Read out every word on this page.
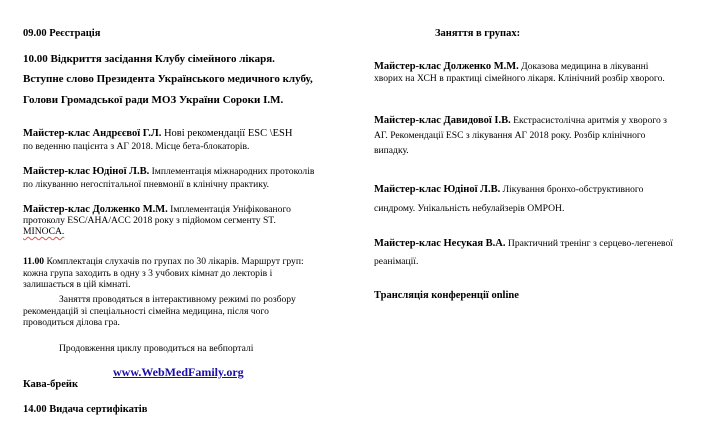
09.00 Реєстрація
10.00 Відкриття засідання Клубу сімейного лікаря.
Вступне слово Президента Українського медичного клубу,
Голови Громадської ради МОЗ України Сороки І.М.
Майстер-клас Андрєєвої Г.Л. Нові рекомендації ESC \ESH
по веденню пацієнта з АГ 2018. Місце бета-блокаторів.
Майстер-клас Юдіної Л.В. Імплементація міжнародних протоколів
по лікуванню негоспітальної пневмонії в клінічну практику.
Майстер-клас Долженко М.М. Імплементація Уніфікованого
протоколу ESC/AHA/ACC 2018 року з підйомом сегменту ST.
MINOCA.
11.00 Комплектація слухачів по групах по 30 лікарів. Маршрут груп:
кожна група заходить в одну з 3 учбових кімнат до лекторів і
залишається в цій кімнаті.
Заняття проводяться в інтерактивному режимі по розбору
рекомендацій зі спеціальності сімейна медицина, після чого
проводиться ділова гра.
Продовження циклу проводиться на вебпорталі
www.WebMedFamily.org
Кава-брейк
14.00 Видача сертифікатів
Заняття в групах:
Майстер-клас Долженко М.М. Доказова медицина в лікуванні
хворих на ХСН в практиці сімейного лікаря. Клінічний розбір хворого.
Майстер-клас Давидової І.В. Екстрасистолічна аритмія у хворого з
АГ. Рекомендації ESC з лікування АГ 2018 року. Розбір клінічного
випадку.
Майстер-клас Юдіної Л.В. Лікування бронхо-обструктивного
синдрому. Унікальність небулайзерів ОМРОН.
Майстер-клас Несукая В.А. Практичний тренінг з серцево-легеневої
реанімації.
Трансляція конференції online
